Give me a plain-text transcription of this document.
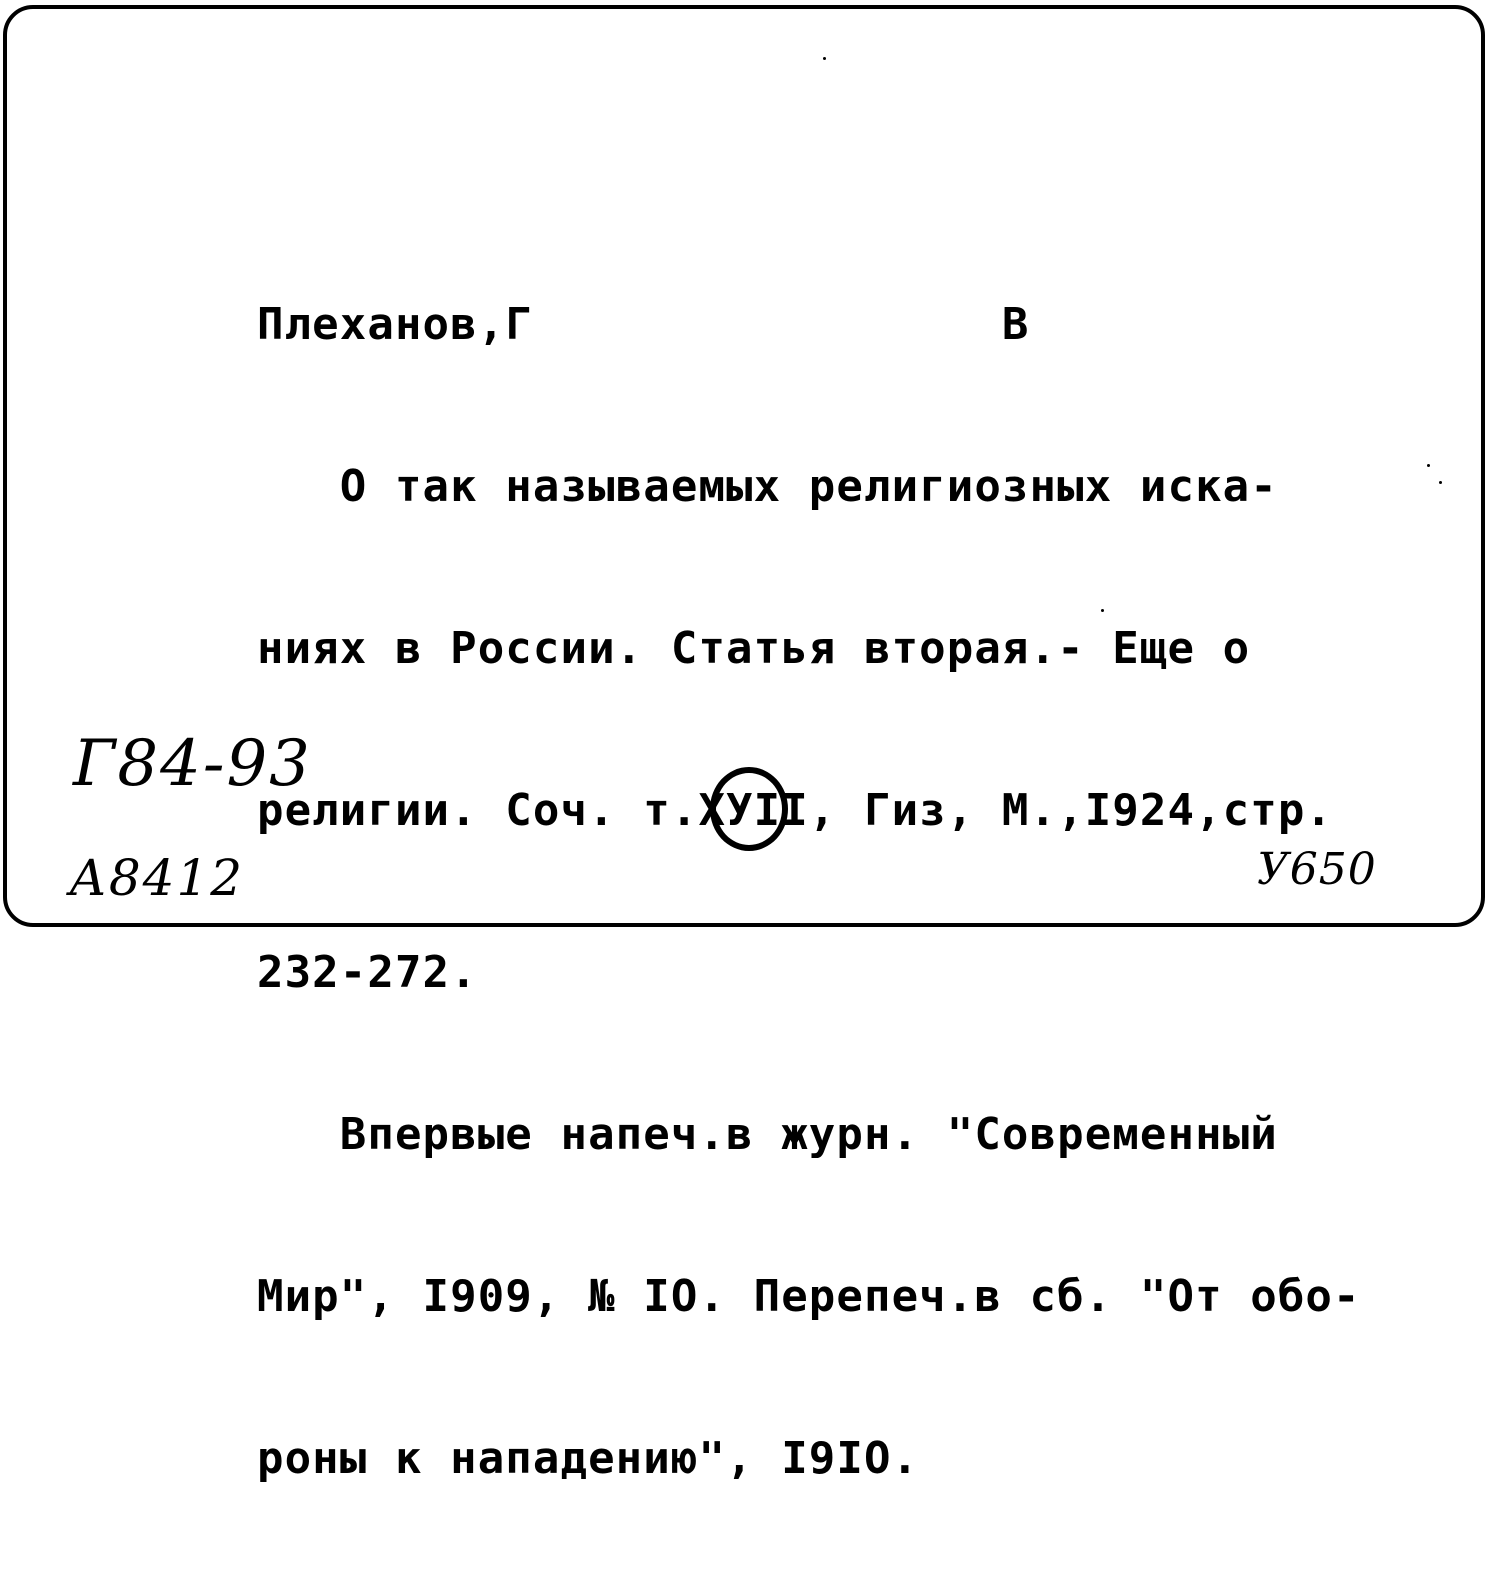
Плеханов,Г                 В

О так называемых религиозных иска-

ниях в России. Статья вторая.- Еще о

религии. Соч. т.ХУII, Гиз, М.,I924,стр.

232-272.

Впервые напеч.в журн. "Современный

Мир", I909, № IO. Перепеч.в сб. "От обо-

роны к нападению", I9IO.

Г84-93
А8412	У650
